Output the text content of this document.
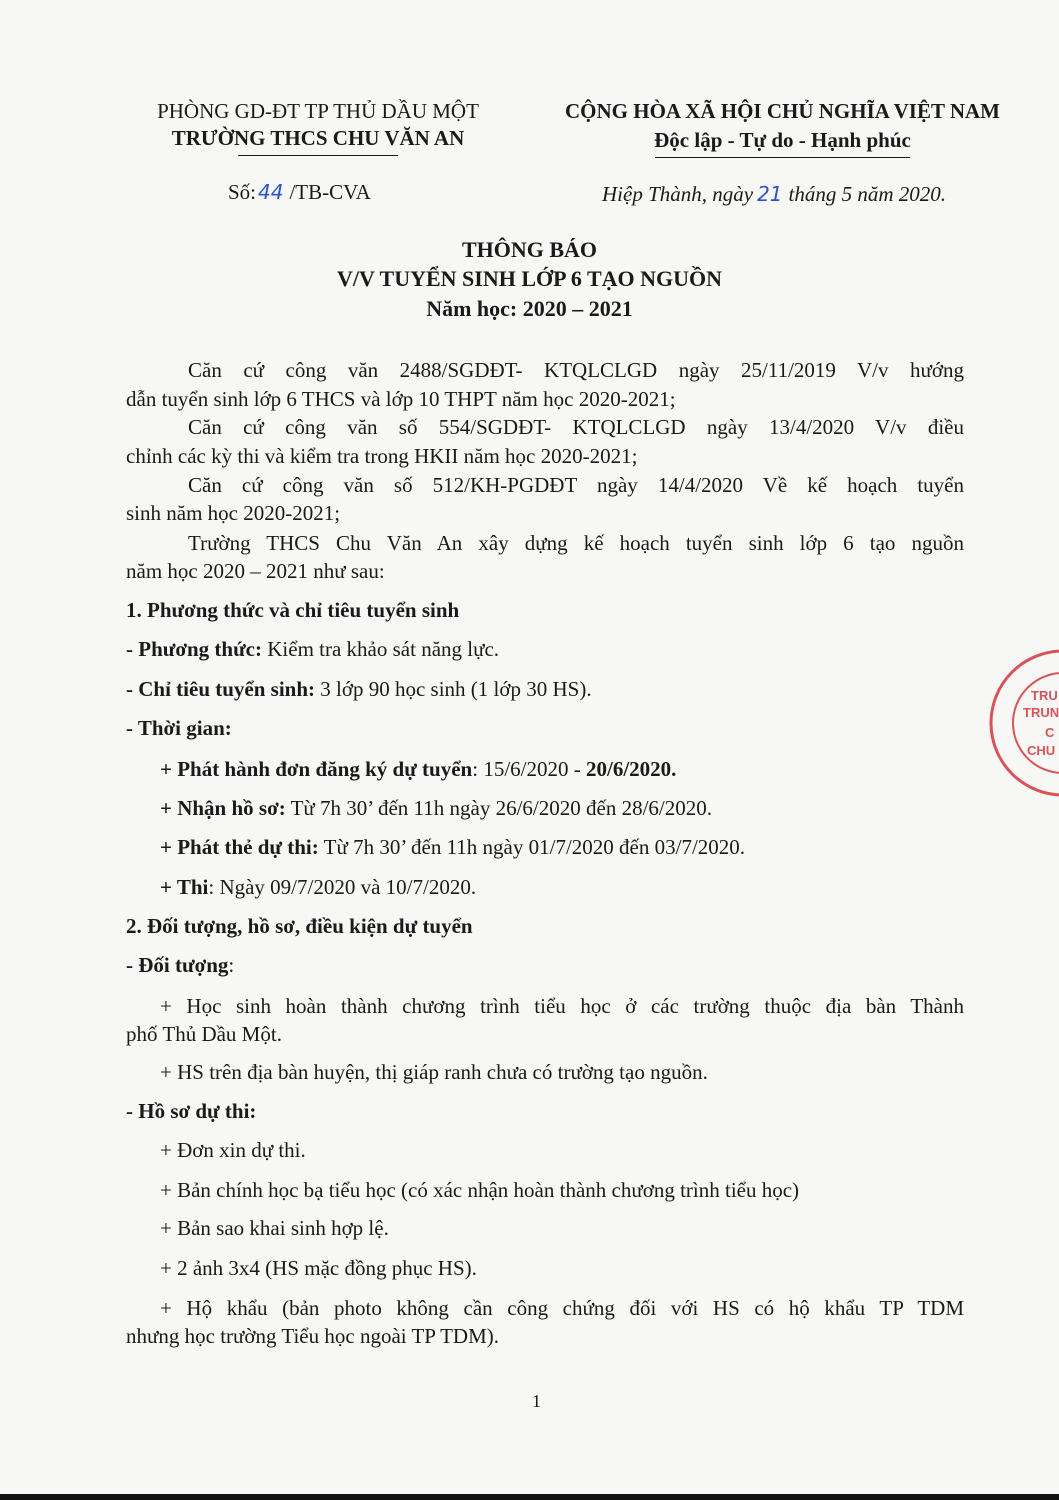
PHÒNG GD-ĐT TP THỦ DẦU MỘT
TRƯỜNG THCS CHU VĂN AN
CỘNG HÒA XÃ HỘI CHỦ NGHĨA VIỆT NAM
Độc lập - Tự do - Hạnh phúc
Số: 44 /TB-CVA	Hiệp Thành, ngày 21 tháng 5 năm 2020.
THÔNG BÁO
V/V TUYỂN SINH LỚP 6 TẠO NGUỒN
Năm học: 2020 – 2021
Căn cứ công văn 2488/SGDĐT- KTQLCLGD ngày 25/11/2019 V/v hướng
dẫn tuyển sinh lớp 6 THCS và lớp 10 THPT năm học 2020-2021;
Căn cứ công văn số 554/SGDĐT- KTQLCLGD ngày 13/4/2020 V/v điều
chỉnh các kỳ thi và kiểm tra trong HKII năm học 2020-2021;
Căn cứ công văn số 512/KH-PGDĐT ngày 14/4/2020 Về kế hoạch tuyển
sinh năm học 2020-2021;
Trường THCS Chu Văn An xây dựng kế hoạch tuyển sinh lớp 6 tạo nguồn
năm học 2020 – 2021 như sau:
1. Phương thức và chỉ tiêu tuyển sinh
- Phương thức: Kiểm tra khảo sát năng lực.
- Chỉ tiêu tuyển sinh: 3 lớp 90 học sinh (1 lớp 30 HS).
- Thời gian:
+ Phát hành đơn đăng ký dự tuyển: 15/6/2020 - 20/6/2020.
+ Nhận hồ sơ: Từ 7h 30’ đến 11h ngày 26/6/2020 đến 28/6/2020.
+ Phát thẻ dự thi: Từ 7h 30’ đến 11h ngày 01/7/2020 đến 03/7/2020.
+ Thi: Ngày 09/7/2020 và 10/7/2020.
2. Đối tượng, hồ sơ, điều kiện dự tuyển
- Đối tượng:
+ Học sinh hoàn thành chương trình tiểu học ở các trường thuộc địa bàn Thành
phố Thủ Dầu Một.
+ HS trên địa bàn huyện, thị giáp ranh chưa có trường tạo nguồn.
- Hồ sơ dự thi:
+ Đơn xin dự thi.
+ Bản chính học bạ tiểu học (có xác nhận hoàn thành chương trình tiểu học)
+ Bản sao khai sinh hợp lệ.
+ 2 ảnh 3x4 (HS mặc đồng phục HS).
+ Hộ khẩu (bản photo không cần công chứng đối với HS có hộ khẩu TP TDM
nhưng học trường Tiểu học ngoài TP TDM).
1
TRU
TRUN
C
CHU
